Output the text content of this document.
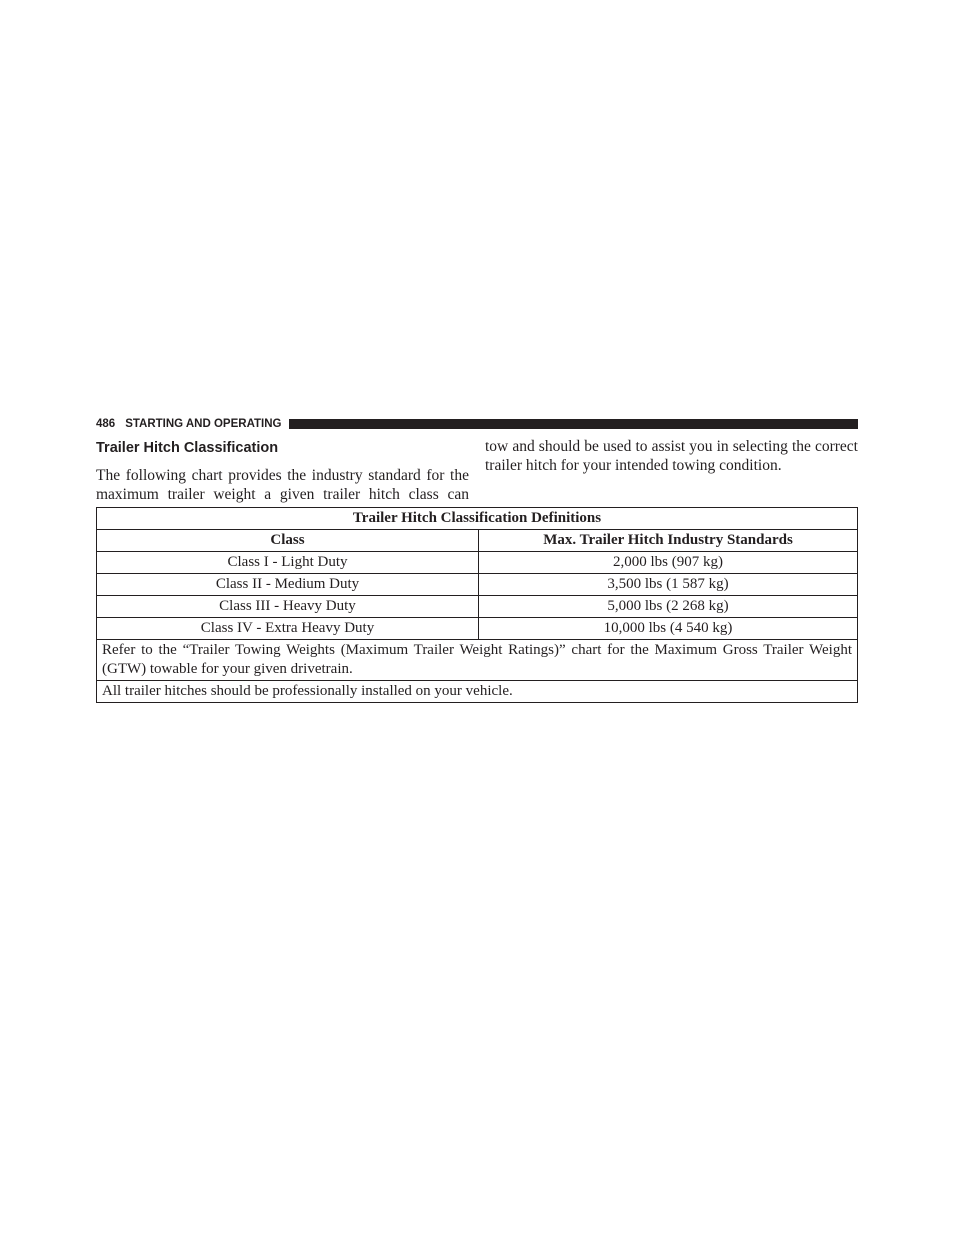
486 STARTING AND OPERATING
Trailer Hitch Classification

The following chart provides the industry standard for the maximum trailer weight a given trailer hitch class can

tow and should be used to assist you in selecting the correct trailer hitch for your intended towing condition.

Trailer Hitch Classification Definitions	
Class	Max. Trailer Hitch Industry Standards
Class I - Light Duty	2,000 lbs (907 kg)
Class II - Medium Duty	3,500 lbs (1 587 kg)
Class III - Heavy Duty	5,000 lbs (2 268 kg)
Class IV - Extra Heavy Duty	10,000 lbs (4 540 kg)
Refer to the “Trailer Towing Weights (Maximum Trailer Weight Ratings)” chart for the Maximum Gross Trailer Weight (GTW) towable for your given drivetrain.	
All trailer hitches should be professionally installed on your vehicle.	
